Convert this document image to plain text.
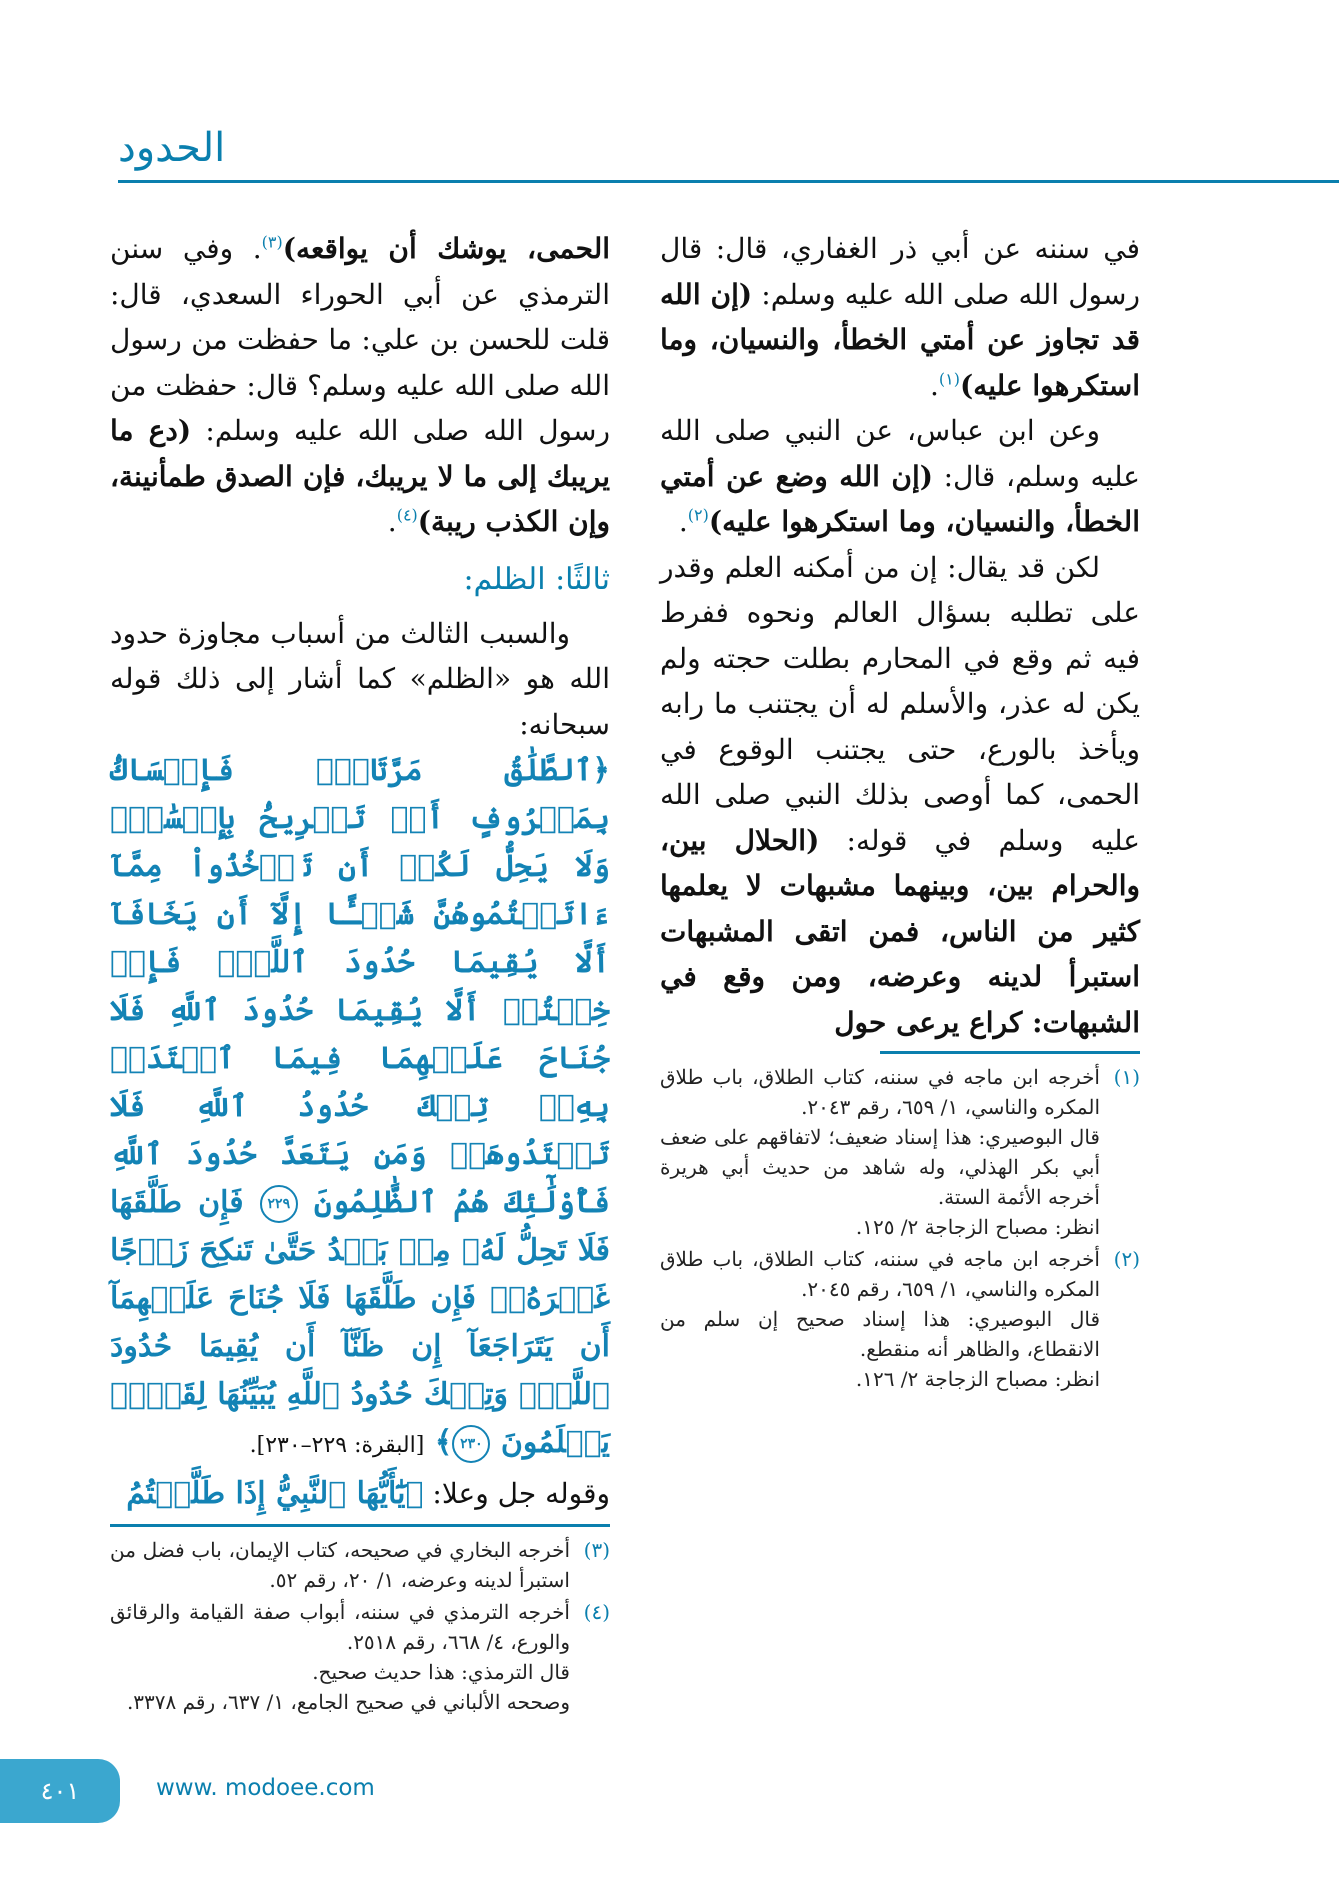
الحدود

في سننه عن أبي ذر الغفاري، قال: قال رسول الله صلى الله عليه وسلم: (إن الله قد تجاوز عن أمتي الخطأ، والنسيان، وما استكرهوا عليه)$^{(١)}$.

وعن ابن عباس، عن النبي صلى الله عليه وسلم، قال: (إن الله وضع عن أمتي الخطأ، والنسيان، وما استكرهوا عليه)$^{(٢)}$.

لكن قد يقال: إن من أمكنه العلم وقدر على تطلبه بسؤال العالم ونحوه ففرط فيه ثم وقع في المحارم بطلت حجته ولم يكن له عذر، والأسلم له أن يجتنب ما رابه ويأخذ بالورع، حتى يجتنب الوقوع في الحمى، كما أوصى بذلك النبي صلى الله عليه وسلم في قوله: (الحلال بين، والحرام بين، وبينهما مشبهات لا يعلمها كثير من الناس، فمن اتقى المشبهات استبرأ لدينه وعرضه، ومن وقع في الشبهات: كراع يرعى حول

(١)
أخرجه ابن ماجه في سننه، كتاب الطلاق، باب طلاق المكره والناسي، ١/ ٦٥٩، رقم ٢٠٤٣.
قال البوصيري: هذا إسناد ضعيف؛ لاتفاقهم على ضعف أبي بكر الهذلي، وله شاهد من حديث أبي هريرة أخرجه الأئمة الستة.
انظر: مصباح الزجاجة ٢/ ١٢٥.
(٢)
أخرجه ابن ماجه في سننه، كتاب الطلاق، باب طلاق المكره والناسي، ١/ ٦٥٩، رقم ٢٠٤٥.
قال البوصيري: هذا إسناد صحيح إن سلم من الانقطاع، والظاهر أنه منقطع.
انظر: مصباح الزجاجة ٢/ ١٢٦.

الحمى، يوشك أن يواقعه)$^{(٣)}$. وفي سنن الترمذي عن أبي الحوراء السعدي، قال: قلت للحسن بن علي: ما حفظت من رسول الله صلى الله عليه وسلم؟ قال: حفظت من رسول الله صلى الله عليه وسلم: (دع ما يريبك إلى ما لا يريبك، فإن الصدق طمأنينة، وإن الكذب ريبة)$^{(٤)}$.

ثالثًا: الظلم:

والسبب الثالث من أسباب مجاوزة حدود الله هو «الظلم» كما أشار إلى ذلك قوله سبحانه:

﴿ٱلطَّلَٰقُ مَرَّتَانِۖ فَإِمۡسَاكُۢ بِمَعۡرُوفٍ أَوۡ تَسۡرِيحُۢ بِإِحۡسَٰنٖۗ وَلَا يَحِلُّ لَكُمۡ أَن تَأۡخُذُواْ مِمَّآ ءَاتَيۡتُمُوهُنَّ شَيۡـًٔا إِلَّآ أَن يَخَافَآ أَلَّا يُقِيمَا حُدُودَ ٱللَّهِۖ فَإِنۡ خِفۡتُمۡ أَلَّا يُقِيمَا حُدُودَ ٱللَّهِ فَلَا جُنَاحَ عَلَيۡهِمَا فِيمَا ٱفۡتَدَتۡ بِهِۦۗ تِلۡكَ حُدُودُ ٱللَّهِ فَلَا تَعۡتَدُوهَاۚ وَمَن يَتَعَدَّ حُدُودَ ٱللَّهِ فَأُوْلَٰٓئِكَ هُمُ ٱلظَّٰلِمُونَ ٢٢٩ فَإِن طَلَّقَهَا فَلَا تَحِلُّ لَهُۥ مِنۢ بَعۡدُ حَتَّىٰ تَنكِحَ زَوۡجًا غَيۡرَهُۥۗ فَإِن طَلَّقَهَا فَلَا جُنَاحَ عَلَيۡهِمَآ أَن يَتَرَاجَعَآ إِن ظَنَّآ أَن يُقِيمَا حُدُودَ ٱللَّهِۗ وَتِلۡكَ حُدُودُ ٱللَّهِ يُبَيِّنُهَا لِقَوۡمٖ يَعۡلَمُونَ ٢٣٠﴾ [البقرة: ٢٢٩–٢٣٠].

وقوله جل وعلا: ﴿يَٰٓأَيُّهَا ٱلنَّبِيُّ إِذَا طَلَّقۡتُمُ

(٣)
أخرجه البخاري في صحيحه، كتاب الإيمان، باب فضل من استبرأ لدينه وعرضه، ١/ ٢٠، رقم ٥٢.
(٤)
أخرجه الترمذي في سننه، أبواب صفة القيامة والرقائق والورع، ٤/ ٦٦٨، رقم ٢٥١٨.
قال الترمذي: هذا حديث صحيح.
وصححه الألباني في صحيح الجامع، ١/ ٦٣٧، رقم ٣٣٧٨.
٤٠١	www. modoee.com
